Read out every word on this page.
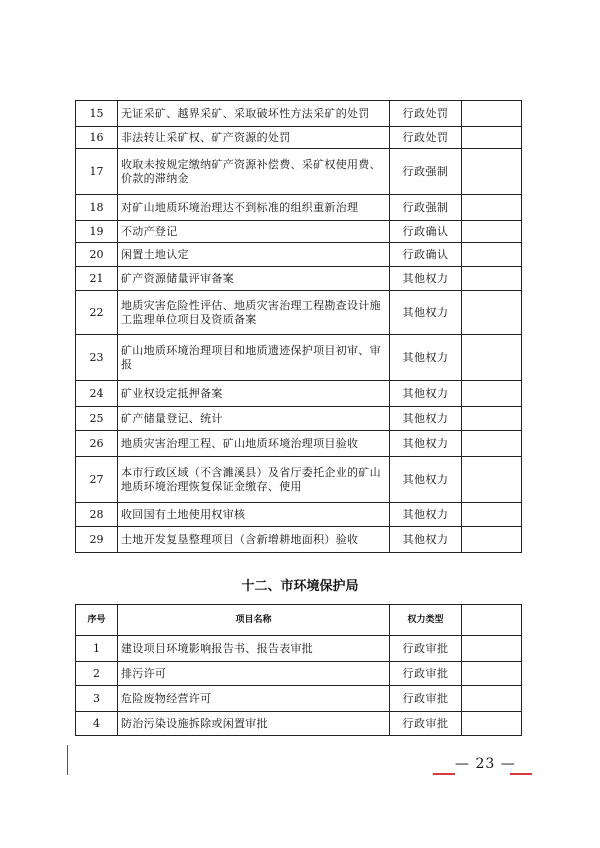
15	无证采矿、越界采矿、采取破坏性方法采矿的处罚	行政处罚	
16	非法转让采矿权、矿产资源的处罚	行政处罚	
17	收取未按规定缴纳矿产资源补偿费、采矿权使用费、价款的滞纳金	行政强制	
18	对矿山地质环境治理达不到标准的组织重新治理	行政强制	
19	不动产登记	行政确认	
20	闲置土地认定	行政确认	
21	矿产资源储量评审备案	其他权力	
22	地质灾害危险性评估、地质灾害治理工程勘查设计施工监理单位项目及资质备案	其他权力	
23	矿山地质环境治理项目和地质遗迹保护项目初审、审报	其他权力	
24	矿业权设定抵押备案	其他权力	
25	矿产储量登记、统计	其他权力	
26	地质灾害治理工程、矿山地质环境治理项目验收	其他权力	
27	本市行政区域（不含濉溪县）及省厅委托企业的矿山地质环境治理恢复保证金缴存、使用	其他权力	
28	收回国有土地使用权审核	其他权力	
29	土地开发复垦整理项目（含新增耕地面积）验收	其他权力	
十二、市环境保护局
序号	项目名称	权力类型	
1	建设项目环境影响报告书、报告表审批	行政审批	
2	排污许可	行政审批	
3	危险废物经营许可	行政审批	
4	防治污染设施拆除或闲置审批	行政审批	
— 23 —
